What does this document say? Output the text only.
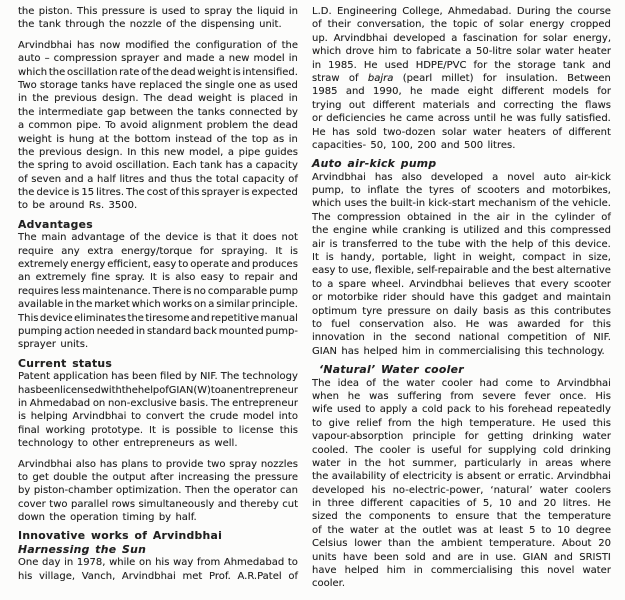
the piston. This pressure is used to spray the liquid in
the tank through the nozzle of the dispensing unit.
Arvindbhai has now modified the configuration of the
auto – compression sprayer and made a new model in
which the oscillation rate of the dead weight is intensified.
Two storage tanks have replaced the single one as used
in the previous design. The dead weight is placed in
the intermediate gap between the tanks connected by
a common pipe. To avoid alignment problem the dead
weight is hung at the bottom instead of the top as in
the previous design. In this new model, a pipe guides
the spring to avoid oscillation. Each tank has a capacity
of seven and a half litres and thus the total capacity of
the device is 15 litres. The cost of this sprayer is expected
to be around Rs. 3500.
Advantages
The main advantage of the device is that it does not
require any extra energy/torque for spraying. It is
extremely energy efficient, easy to operate and produces
an extremely fine spray. It is also easy to repair and
requires less maintenance. There is no comparable pump
available in the market which works on a similar principle.
This device eliminates the tiresome and repetitive manual
pumping action needed in standard back mounted pump-
sprayer units.
Current status
Patent application has been filed by NIF. The technology
has been licensed with the help of GIAN (W) to an entrepreneur
in Ahmedabad on non-exclusive basis. The entrepreneur
is helping Arvindbhai to convert the crude model into
final working prototype. It is possible to license this
technology to other entrepreneurs as well.
Arvindbhai also has plans to provide two spray nozzles
to get double the output after increasing the pressure
by piston-chamber optimization. Then the operator can
cover two parallel rows simultaneously and thereby cut
down the operation timing by half.
Innovative works of Arvindbhai
Harnessing the Sun
One day in 1978, while on his way from Ahmedabad to
his village, Vanch, Arvindbhai met Prof. A.R.Patel of
L.D. Engineering College, Ahmedabad. During the course
of their conversation, the topic of solar energy cropped
up. Arvindbhai developed a fascination for solar energy,
which drove him to fabricate a 50-litre solar water heater
in 1985. He used HDPE/PVC for the storage tank and
straw of bajra (pearl millet) for insulation. Between
1985 and 1990, he made eight different models for
trying out different materials and correcting the flaws
or deficiencies he came across until he was fully satisfied.
He has sold two-dozen solar water heaters of different
capacities- 50, 100, 200 and 500 litres.
Auto air-kick pump
Arvindbhai has also developed a novel auto air-kick
pump, to inflate the tyres of scooters and motorbikes,
which uses the built-in kick-start mechanism of the vehicle.
The compression obtained in the air in the cylinder of
the engine while cranking is utilized and this compressed
air is transferred to the tube with the help of this device.
It is handy, portable, light in weight, compact in size,
easy to use, flexible, self-repairable and the best alternative
to a spare wheel. Arvindbhai believes that every scooter
or motorbike rider should have this gadget and maintain
optimum tyre pressure on daily basis as this contributes
to fuel conservation also. He was awarded for this
innovation in the second national competition of NIF.
GIAN has helped him in commercialising this technology.
‘Natural’ Water cooler
The idea of the water cooler had come to Arvindbhai
when he was suffering from severe fever once. His
wife used to apply a cold pack to his forehead repeatedly
to give relief from the high temperature. He used this
vapour-absorption principle for getting drinking water
cooled. The cooler is useful for supplying cold drinking
water in the hot summer, particularly in areas where
the availability of electricity is absent or erratic. Arvindbhai
developed his no-electric-power, ‘natural’ water coolers
in three different capacities of 5, 10 and 20 litres. He
sized the components to ensure that the temperature
of the water at the outlet was at least 5 to 10 degree
Celsius lower than the ambient temperature. About 20
units have been sold and are in use. GIAN and SRISTI
have helped him in commercialising this novel water
cooler.
